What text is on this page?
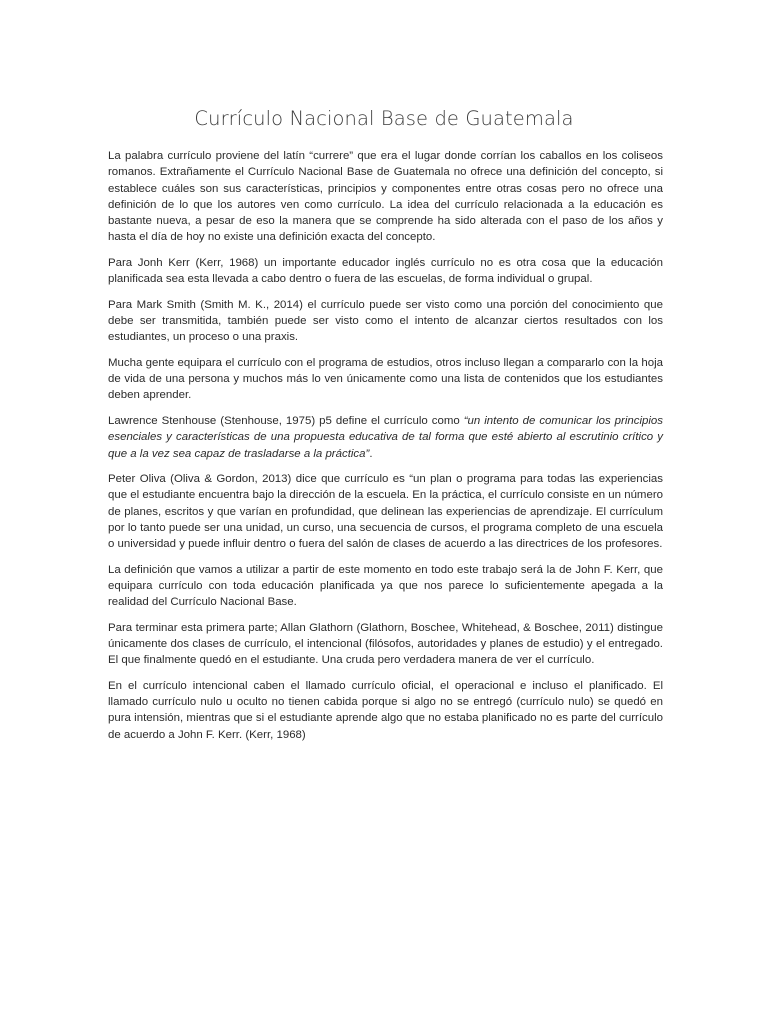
Currículo Nacional Base de Guatemala

La palabra currículo proviene del latín “currere” que era el lugar donde corrían los caballos en los coliseos romanos. Extrañamente el Currículo Nacional Base de Guatemala no ofrece una definición del concepto, si establece cuáles son sus características, principios y componentes entre otras cosas pero no ofrece una definición de lo que los autores ven como currículo. La idea del currículo relacionada a la educación es bastante nueva, a pesar de eso la manera que se comprende ha sido alterada con el paso de los años y hasta el día de hoy no existe una definición exacta del concepto.

Para Jonh Kerr (Kerr, 1968) un importante educador inglés currículo no es otra cosa que la educación planificada sea esta llevada a cabo dentro o fuera de las escuelas, de forma individual o grupal.

Para Mark Smith (Smith M. K., 2014) el currículo puede ser visto como una porción del conocimiento que debe ser transmitida, también puede ser visto como el intento de alcanzar ciertos resultados con los estudiantes, un proceso o una praxis.

Mucha gente equipara el currículo con el programa de estudios, otros incluso llegan a compararlo con la hoja de vida de una persona y muchos más lo ven únicamente como una lista de contenidos que los estudiantes deben aprender.

Lawrence Stenhouse (Stenhouse, 1975) p5 define el currículo como “un intento de comunicar los principios esenciales y características de una propuesta educativa de tal forma que esté abierto al escrutinio crítico y que a la vez sea capaz de trasladarse a la práctica”.

Peter Oliva (Oliva & Gordon, 2013) dice que currículo es “un plan o programa para todas las experiencias que el estudiante encuentra bajo la dirección de la escuela. En la práctica, el currículo consiste en un número de planes, escritos y que varían en profundidad, que delinean las experiencias de aprendizaje. El currículum por lo tanto puede ser una unidad, un curso, una secuencia de cursos, el programa completo de una escuela o universidad y puede influir dentro o fuera del salón de clases de acuerdo a las directrices de los profesores.

La definición que vamos a utilizar a partir de este momento en todo este trabajo será la de John F. Kerr, que equipara currículo con toda educación planificada ya que nos parece lo suficientemente apegada a la realidad del Currículo Nacional Base.

Para terminar esta primera parte; Allan Glathorn (Glathorn, Boschee, Whitehead, & Boschee, 2011) distingue únicamente dos clases de currículo, el intencional (filósofos, autoridades y planes de estudio) y el entregado. El que finalmente quedó en el estudiante. Una cruda pero verdadera manera de ver el currículo.

En el currículo intencional caben el llamado currículo oficial, el operacional e incluso el planificado. El llamado currículo nulo u oculto no tienen cabida porque si algo no se entregó (currículo nulo) se quedó en pura intensión, mientras que si el estudiante aprende algo que no estaba planificado no es parte del currículo de acuerdo a John F. Kerr. (Kerr, 1968)
